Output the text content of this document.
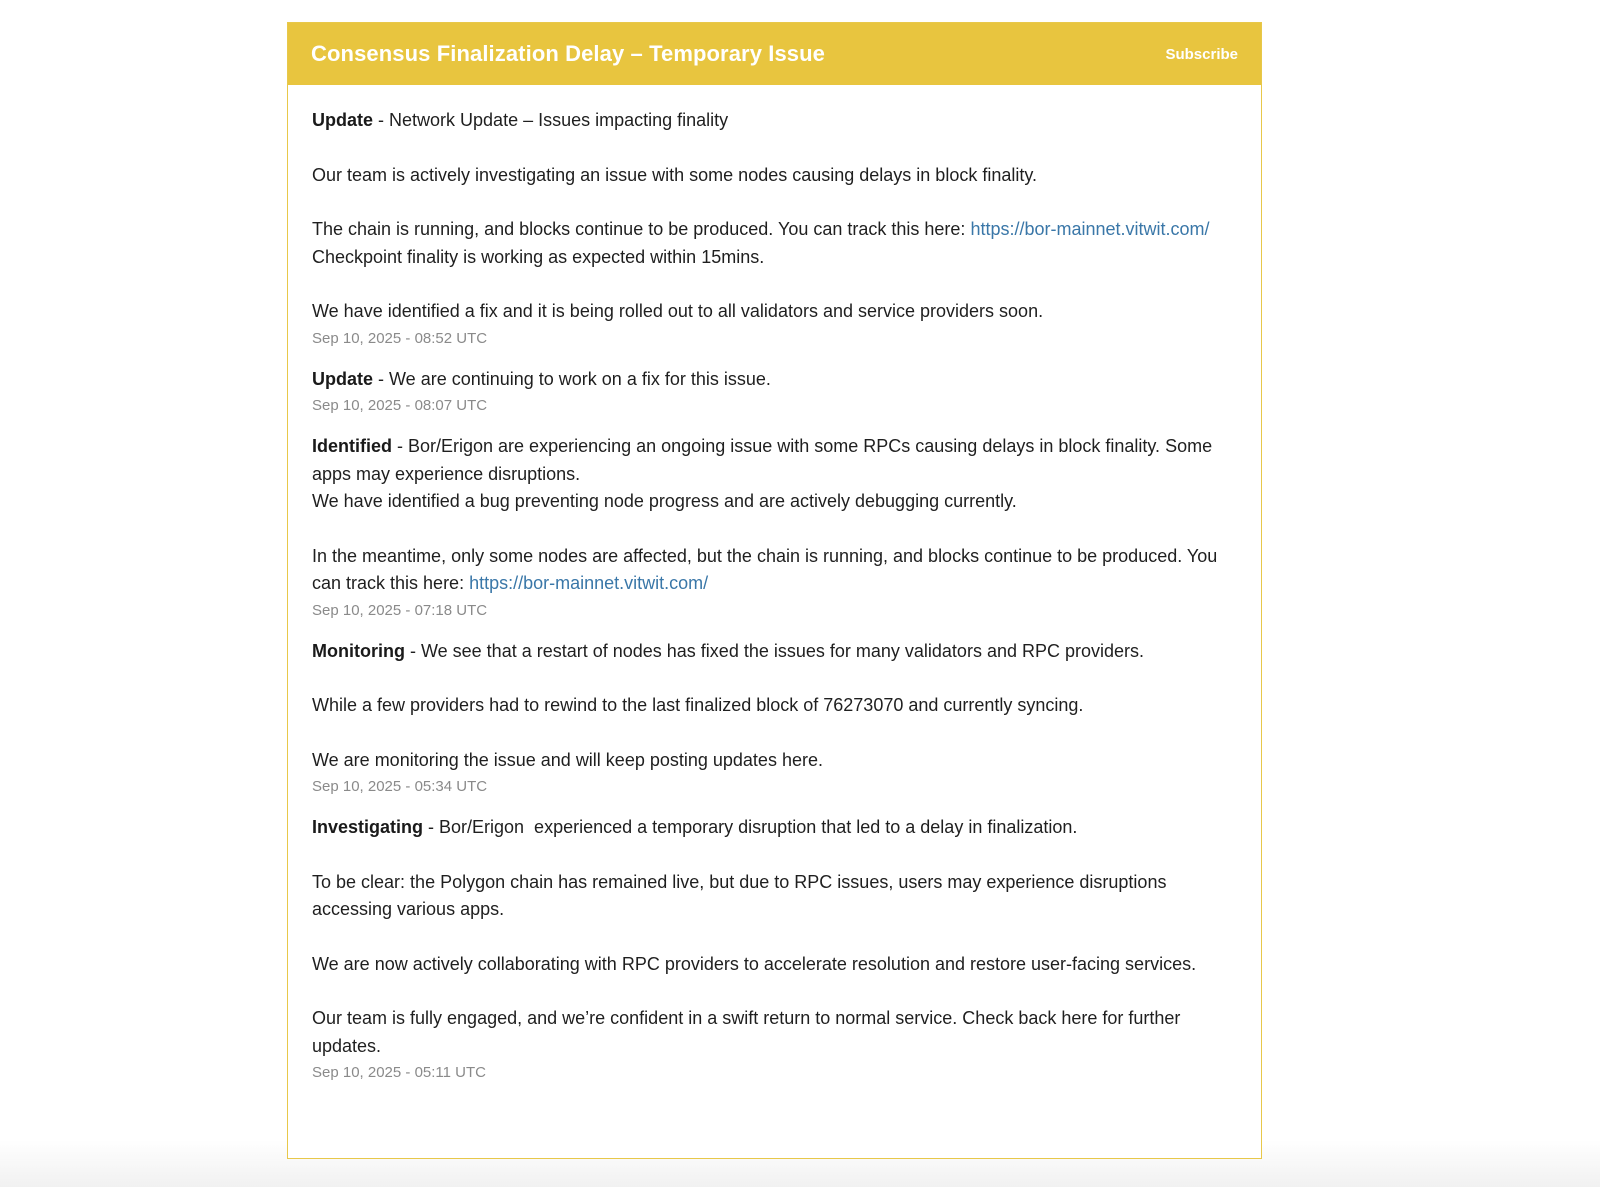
Consensus Finalization Delay – Temporary Issue	Subscribe

Update - Network Update – Issues impacting finality

Our team is actively investigating an issue with some nodes causing delays in block finality.

The chain is running, and blocks continue to be produced. You can track this here: https://bor-mainnet.vitwit.com/
Checkpoint finality is working as expected within 15mins.

We have identified a fix and it is being rolled out to all validators and service providers soon.

Sep 10, 2025 - 08:52 UTC

Update - We are continuing to work on a fix for this issue.

Sep 10, 2025 - 08:07 UTC

Identified - Bor/Erigon are experiencing an ongoing issue with some RPCs causing delays in block finality. Some apps may experience disruptions.
We have identified a bug preventing node progress and are actively debugging currently.

In the meantime, only some nodes are affected, but the chain is running, and blocks continue to be produced. You can track this here: https://bor-mainnet.vitwit.com/

Sep 10, 2025 - 07:18 UTC

Monitoring - We see that a restart of nodes has fixed the issues for many validators and RPC providers.

While a few providers had to rewind to the last finalized block of 76273070 and currently syncing.

We are monitoring the issue and will keep posting updates here.

Sep 10, 2025 - 05:34 UTC

Investigating - Bor/Erigon  experienced a temporary disruption that led to a delay in finalization.

To be clear: the Polygon chain has remained live, but due to RPC issues, users may experience disruptions accessing various apps.

We are now actively collaborating with RPC providers to accelerate resolution and restore user-facing services.

Our team is fully engaged, and we’re confident in a swift return to normal service. Check back here for further updates.

Sep 10, 2025 - 05:11 UTC
